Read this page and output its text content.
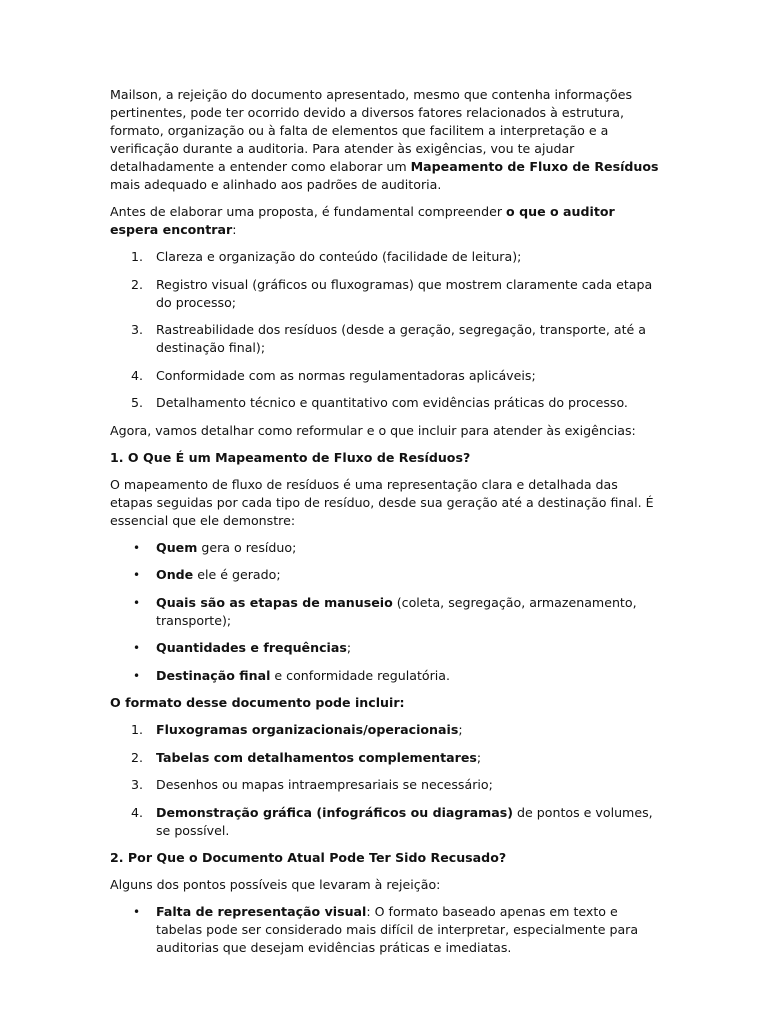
Mailson, a rejeição do documento apresentado, mesmo que contenha informações pertinentes, pode ter ocorrido devido a diversos fatores relacionados à estrutura, formato, organização ou à falta de elementos que facilitem a interpretação e a verificação durante a auditoria. Para atender às exigências, vou te ajudar detalhadamente a entender como elaborar um Mapeamento de Fluxo de Resíduos mais adequado e alinhado aos padrões de auditoria.

Antes de elaborar uma proposta, é fundamental compreender o que o auditor espera encontrar:

1. Clareza e organização do conteúdo (facilidade de leitura);
2. Registro visual (gráficos ou fluxogramas) que mostrem claramente cada etapa do processo;
3. Rastreabilidade dos resíduos (desde a geração, segregação, transporte, até a destinação final);
4. Conformidade com as normas regulamentadoras aplicáveis;
5. Detalhamento técnico e quantitativo com evidências práticas do processo.

Agora, vamos detalhar como reformular e o que incluir para atender às exigências:

1. O Que É um Mapeamento de Fluxo de Resíduos?

O mapeamento de fluxo de resíduos é uma representação clara e detalhada das etapas seguidas por cada tipo de resíduo, desde sua geração até a destinação final. É essencial que ele demonstre:

• Quem gera o resíduo;
• Onde ele é gerado;
• Quais são as etapas de manuseio (coleta, segregação, armazenamento, transporte);
• Quantidades e frequências;
• Destinação final e conformidade regulatória.

O formato desse documento pode incluir:

1. Fluxogramas organizacionais/operacionais;
2. Tabelas com detalhamentos complementares;
3. Desenhos ou mapas intraempresariais se necessário;
4. Demonstração gráfica (infográficos ou diagramas) de pontos e volumes, se possível.

2. Por Que o Documento Atual Pode Ter Sido Recusado?

Alguns dos pontos possíveis que levaram à rejeição:

• Falta de representação visual: O formato baseado apenas em texto e tabelas pode ser considerado mais difícil de interpretar, especialmente para auditorias que desejam evidências práticas e imediatas.
